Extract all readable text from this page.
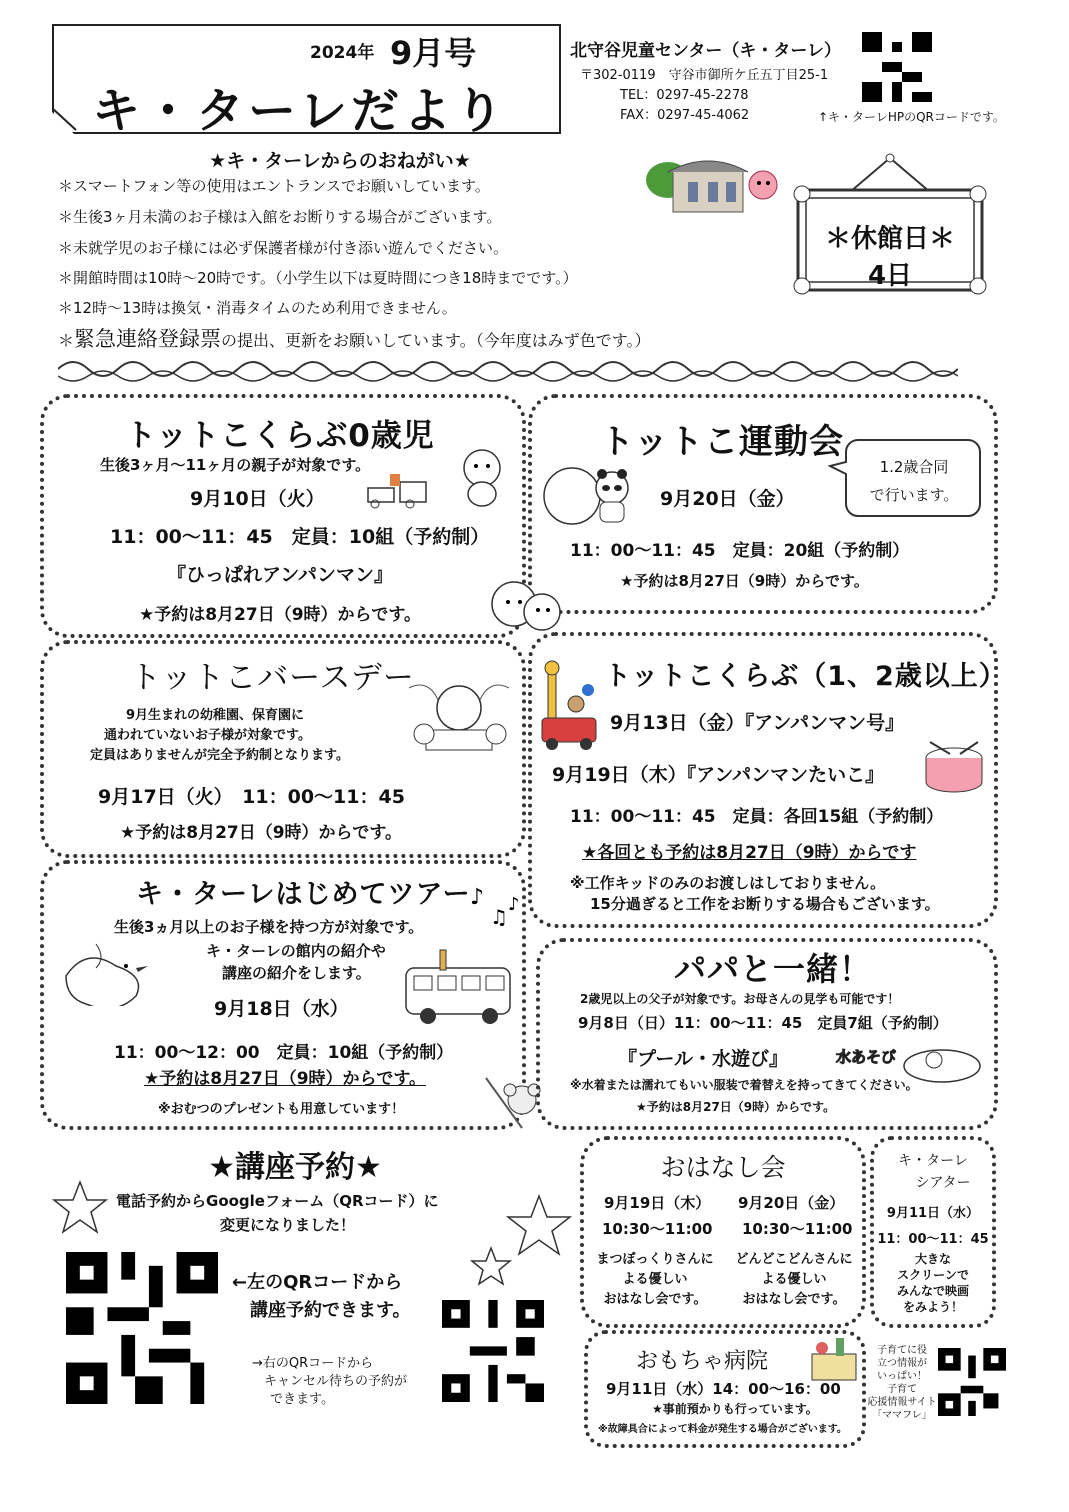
2024年 9月号
キ・ターレだより
北守谷児童センター（キ・ターレ）
〒302-0119　守谷市御所ケ丘五丁目25-1
TEL：0297-45-2278
FAX：0297-45-4062	↑キ・ターレHPのQRコードです。
★キ・ターレからのおねがい★
＊スマートフォン等の使用はエントランスでお願いしています。
＊生後3ヶ月未満のお子様は入館をお断りする場合がございます。
＊未就学児のお子様には必ず保護者様が付き添い遊んでください。
＊開館時間は10時～20時です。（小学生以下は夏時間につき18時までです。）
＊12時～13時は換気・消毒タイムのため利用できません。
＊緊急連絡登録票の提出、更新をお願いしています。（今年度はみず色です。）
＊休館日＊
4日
トットこくらぶ0歳児
生後3ヶ月～11ヶ月の親子が対象です。
9月10日（火）
11：00～11：45　定員：10組（予約制）
『ひっぱれアンパンマン』
★予約は8月27日（9時）からです。
トットこ運動会
1.2歳合同
で行います。
9月20日（金）
11：00～11：45　定員：20組（予約制）
★予約は8月27日（9時）からです。
トットこバースデー
9月生まれの幼稚園、保育園に
通われていないお子様が対象です。
定員はありませんが完全予約制となります。
9月17日（火）　11：00～11：45
★予約は8月27日（9時）からです。
トットこくらぶ（1、2歳以上）
9月13日（金）『アンパンマン号』
9月19日（木）『アンパンマンたいこ』
11：00～11：45　定員：各回15組（予約制）
★各回とも予約は8月27日（9時）からです
※工作キッドのみのお渡しはしておりません。
15分過ぎると工作をお断りする場合もございます。
キ・ターレはじめてツアー ♪
♫
♪
生後3ヵ月以上のお子様を持つ方が対象です。
キ・ターレの館内の紹介や
講座の紹介をします。
9月18日（水）
11：00～12：00　定員：10組（予約制）
★予約は8月27日（9時）からです。
※おむつのプレゼントも用意しています！
パパと一緒！
2歳児以上の父子が対象です。お母さんの見学も可能です！
9月8日（日）11：00～11：45　定員7組（予約制）
『プール・水遊び』
※水着または濡れてもいい服装で着替えを持ってきてください。
★予約は8月27日（9時）からです。
水あそび
★講座予約★
電話予約からGoogleフォーム（QRコード）に
変更になりました！
←左のQRコードから
講座予約できます。
→右のQRコードから
キャンセル待ちの予約が
できます。
おはなし会
9月19日（木）
10:30～11:00
まつぼっくりさんに
よる優しい
おはなし会です。
9月20日（金）
10:30～11:00
どんどこどんさんに
よる優しい
おはなし会です。
キ・ターレ
シアター
9月11日（水）
11：00～11：45
大きな
スクリーンで
みんなで映画
をみよう！
おもちゃ病院
9月11日（水）14：00～16：00
★事前預かりも行っています。
※故障具合によって料金が発生する場合がございます。
子育てに役
立つ情報が
いっぱい！
子育て
応援情報サイト
「ママフレ」
